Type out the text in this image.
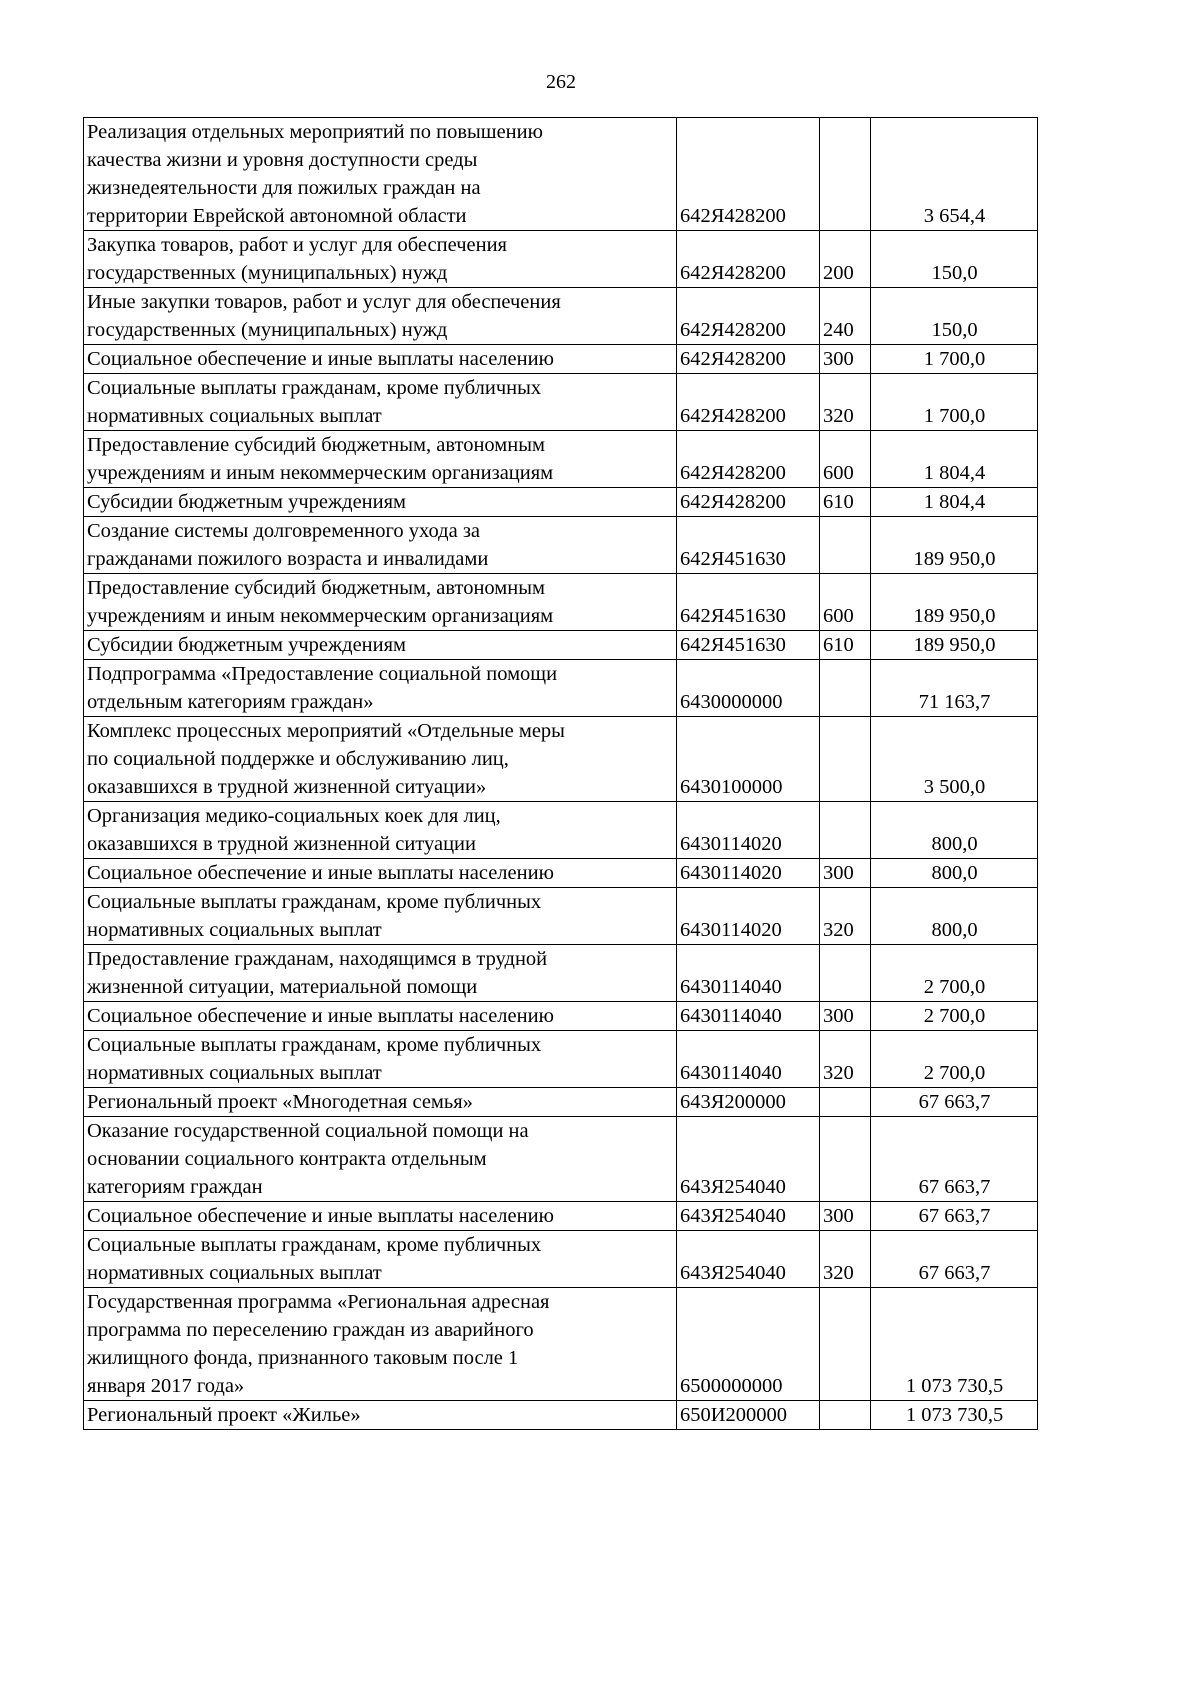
262
Реализация отдельных мероприятий по повышению
качества жизни и уровня доступности среды
жизнедеятельности для пожилых граждан на
территории Еврейской автономной области	642Я428200		3 654,4
Закупка товаров, работ и услуг для обеспечения
государственных (муниципальных) нужд	642Я428200	200	150,0
Иные закупки товаров, работ и услуг для обеспечения
государственных (муниципальных) нужд	642Я428200	240	150,0
Социальное обеспечение и иные выплаты населению	642Я428200	300	1 700,0
Социальные выплаты гражданам, кроме публичных
нормативных социальных выплат	642Я428200	320	1 700,0
Предоставление субсидий бюджетным, автономным
учреждениям и иным некоммерческим организациям	642Я428200	600	1 804,4
Субсидии бюджетным учреждениям	642Я428200	610	1 804,4
Создание системы долговременного ухода за
гражданами пожилого возраста и инвалидами	642Я451630		189 950,0
Предоставление субсидий бюджетным, автономным
учреждениям и иным некоммерческим организациям	642Я451630	600	189 950,0
Субсидии бюджетным учреждениям	642Я451630	610	189 950,0
Подпрограмма «Предоставление социальной помощи
отдельным категориям граждан»	6430000000		71 163,7
Комплекс процессных мероприятий «Отдельные меры
по социальной поддержке и обслуживанию лиц,
оказавшихся в трудной жизненной ситуации»	6430100000		3 500,0
Организация медико-социальных коек для лиц,
оказавшихся в трудной жизненной ситуации	6430114020		800,0
Социальное обеспечение и иные выплаты населению	6430114020	300	800,0
Социальные выплаты гражданам, кроме публичных
нормативных социальных выплат	6430114020	320	800,0
Предоставление гражданам, находящимся в трудной
жизненной ситуации, материальной помощи	6430114040		2 700,0
Социальное обеспечение и иные выплаты населению	6430114040	300	2 700,0
Социальные выплаты гражданам, кроме публичных
нормативных социальных выплат	6430114040	320	2 700,0
Региональный проект «Многодетная семья»	643Я200000		67 663,7
Оказание государственной социальной помощи на
основании социального контракта отдельным
категориям граждан	643Я254040		67 663,7
Социальное обеспечение и иные выплаты населению	643Я254040	300	67 663,7
Социальные выплаты гражданам, кроме публичных
нормативных социальных выплат	643Я254040	320	67 663,7
Государственная программа «Региональная адресная
программа по переселению граждан из аварийного
жилищного фонда, признанного таковым после 1
января 2017 года»	6500000000		1 073 730,5
Региональный проект «Жилье»	650И200000		1 073 730,5
